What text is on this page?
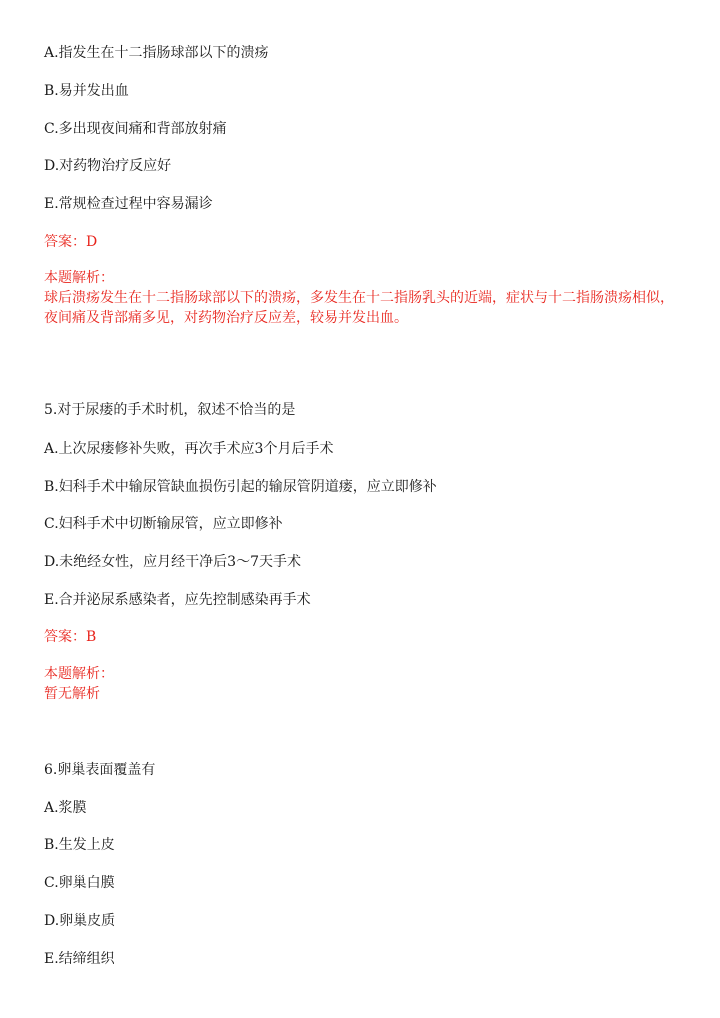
A.指发生在十二指肠球部以下的溃疡
B.易并发出血
C.多出现夜间痛和背部放射痛
D.对药物治疗反应好
E.常规检查过程中容易漏诊
答案：D
本题解析：
球后溃疡发生在十二指肠球部以下的溃疡，多发生在十二指肠乳头的近端，症状与十二指肠溃疡相似，
夜间痛及背部痛多见，对药物治疗反应差，较易并发出血。
5.对于尿瘘的手术时机，叙述不恰当的是
A.上次尿瘘修补失败，再次手术应3个月后手术
B.妇科手术中输尿管缺血损伤引起的输尿管阴道瘘，应立即修补
C.妇科手术中切断输尿管，应立即修补
D.未绝经女性，应月经干净后3～7天手术
E.合并泌尿系感染者，应先控制感染再手术
答案：B
本题解析：
暂无解析
6.卵巢表面覆盖有
A.浆膜
B.生发上皮
C.卵巢白膜
D.卵巢皮质
E.结缔组织
